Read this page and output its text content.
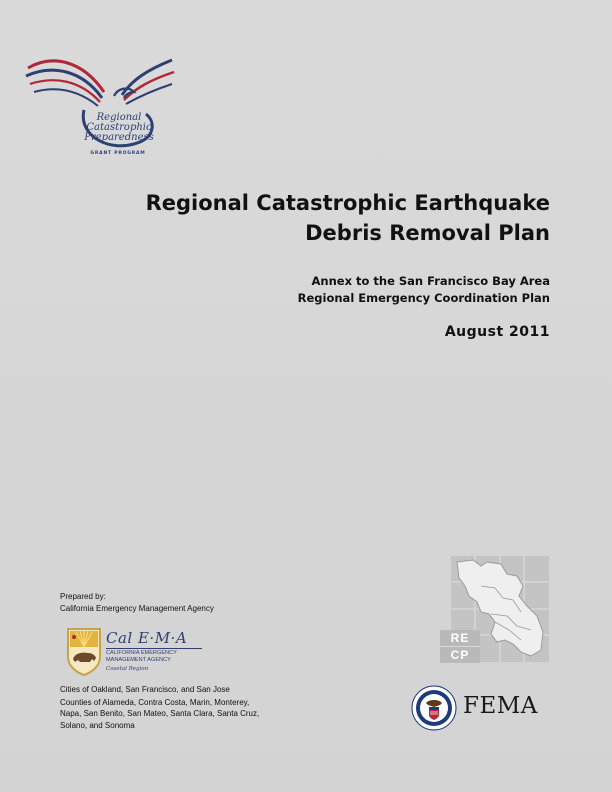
Regional
Catastrophic
Preparedness
GRANT PROGRAM
Regional Catastrophic Earthquake
Debris Removal Plan
Annex to the San Francisco Bay Area
Regional Emergency Coordination Plan
August 2011
Prepared by:
California Emergency Management Agency
Cal E·M·A
CALIFORNIA EMERGENCY
MANAGEMENT AGENCY
Coastal Region
Cities of Oakland, San Francisco, and San Jose
Counties of Alameda, Contra Costa, Marin, Monterey,
Napa, San Benito, San Mateo, Santa Clara, Santa Cruz,
Solano, and Sonoma
RE
CP
FEMA
